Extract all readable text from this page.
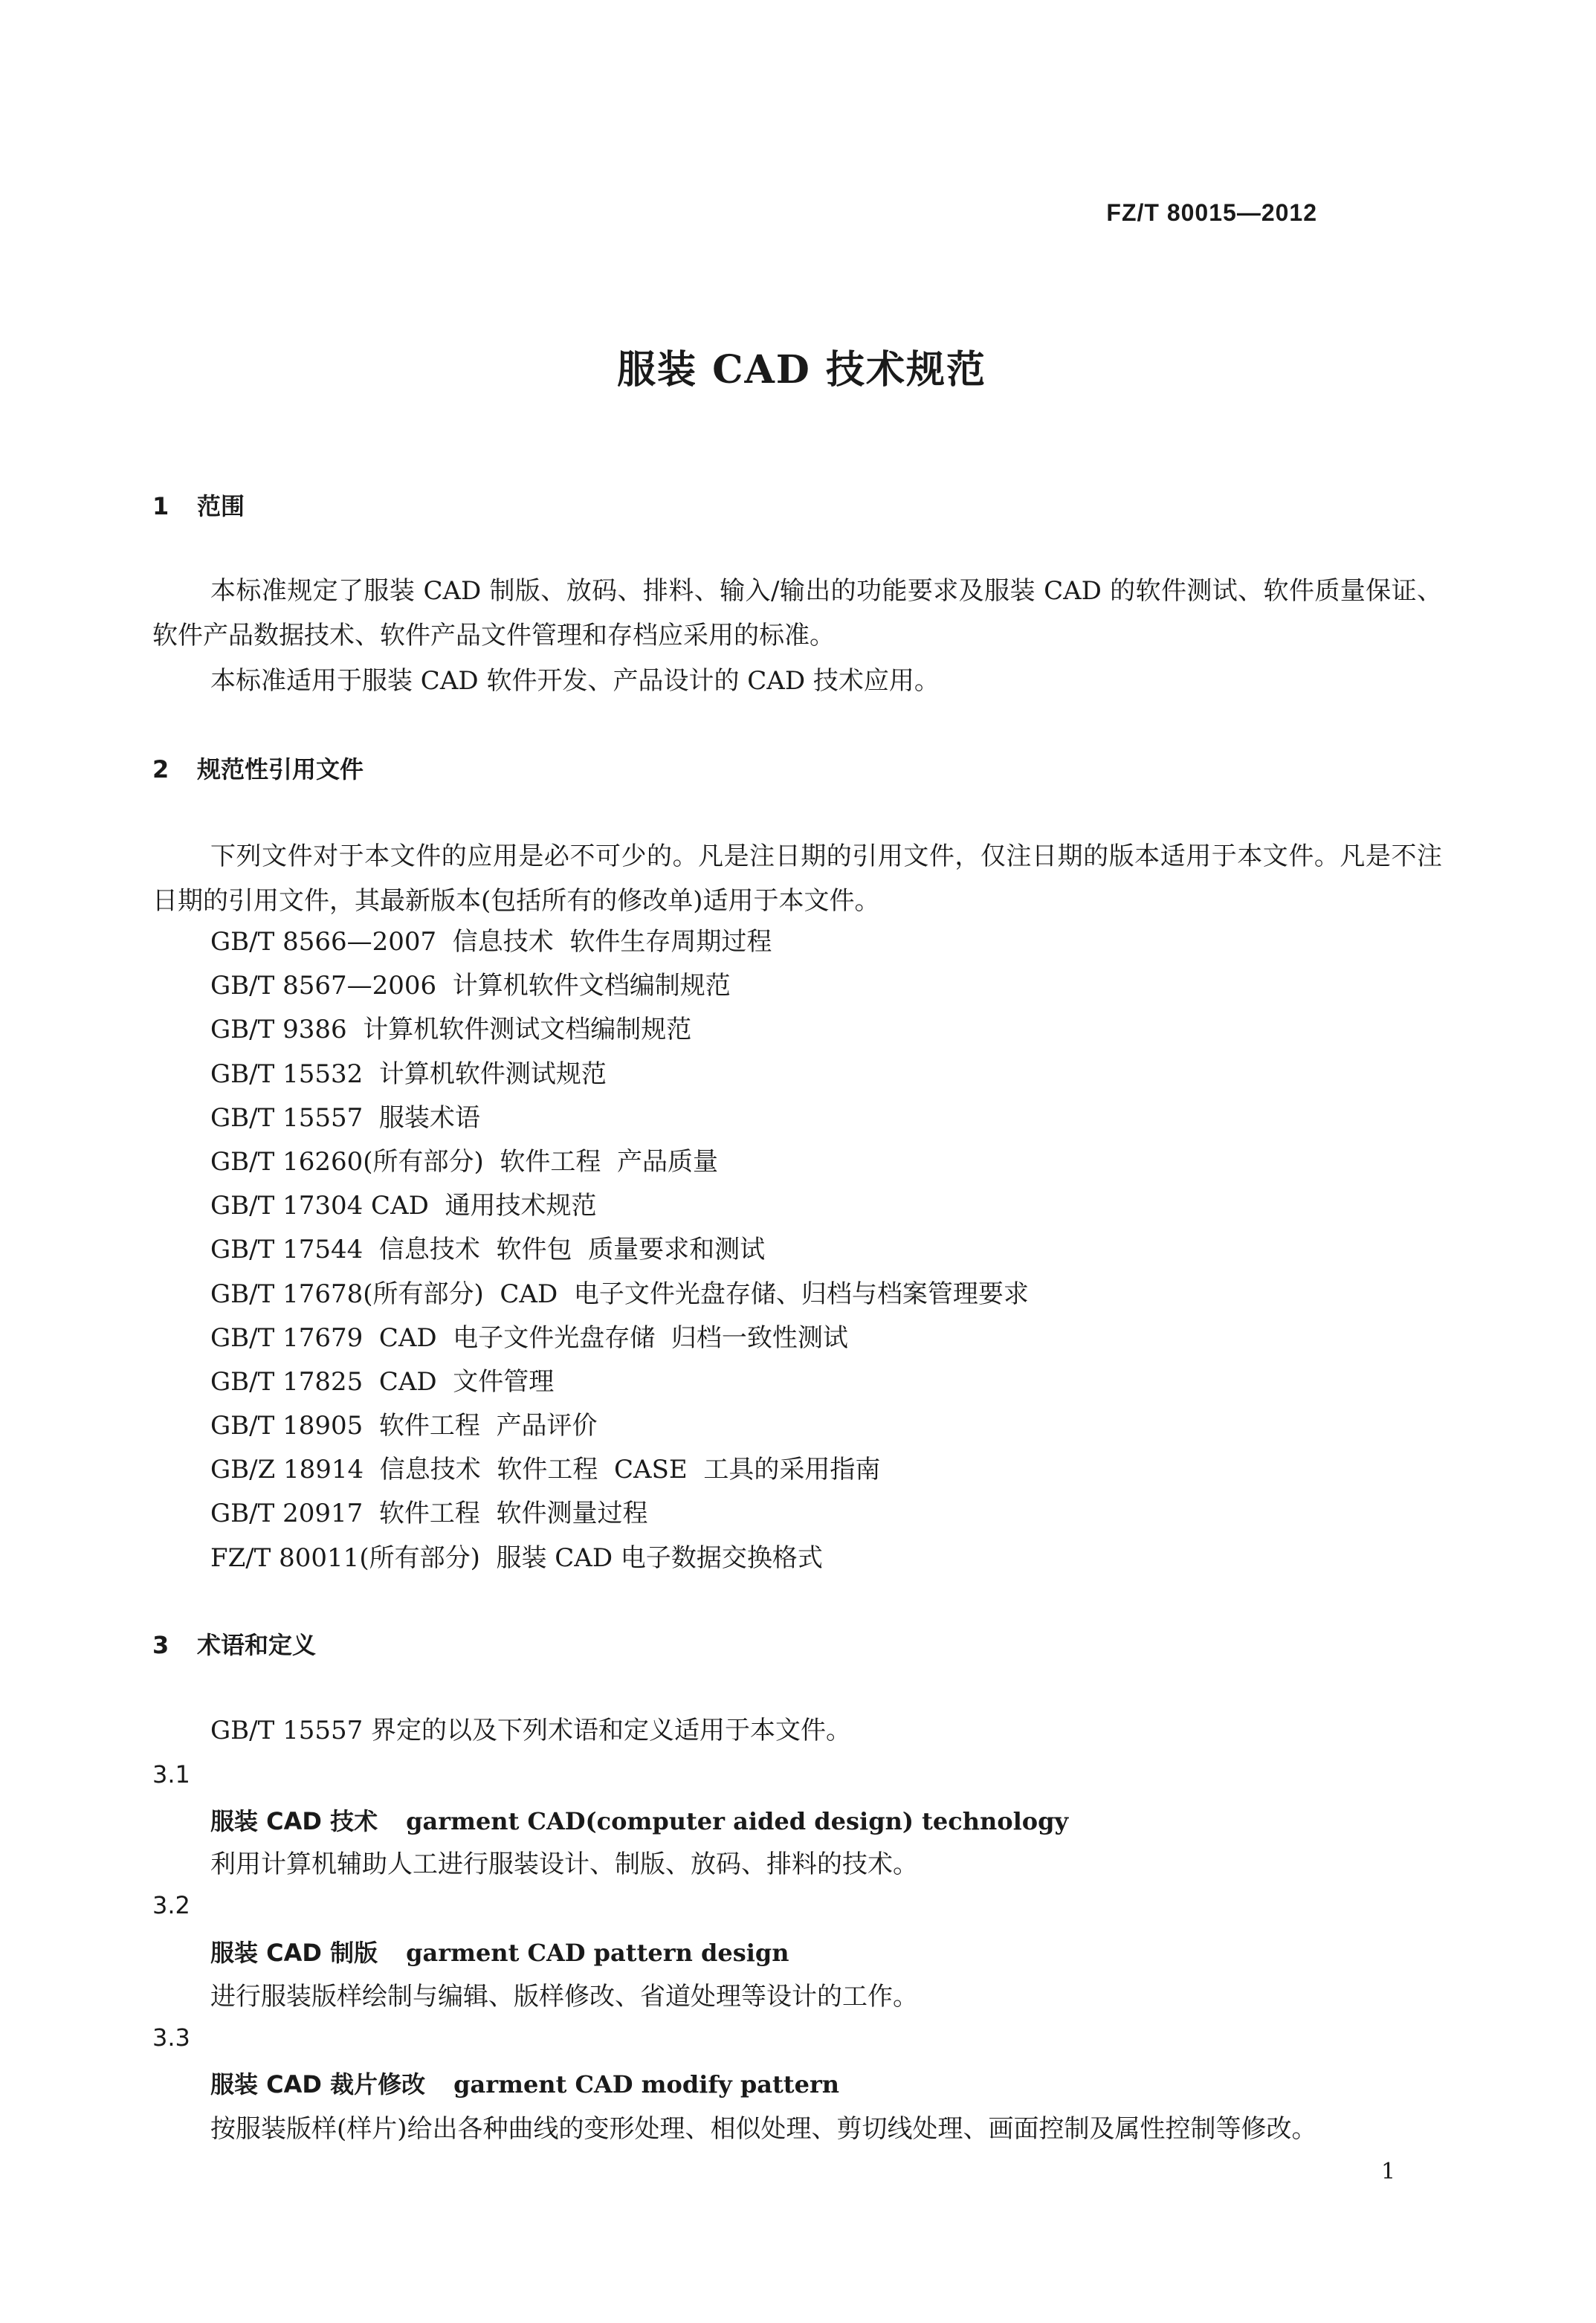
FZ/T 80015—2012
服装 CAD 技术规范
1 范围
本标准规定了服装 CAD 制版、放码、排料、输入/输出的功能要求及服装 CAD 的软件测试、软件质量保证、软件产品数据技术、软件产品文件管理和存档应采用的标准。
本标准适用于服装 CAD 软件开发、产品设计的 CAD 技术应用。
2 规范性引用文件
下列文件对于本文件的应用是必不可少的。凡是注日期的引用文件，仅注日期的版本适用于本文件。凡是不注日期的引用文件，其最新版本(包括所有的修改单)适用于本文件。
GB/T 8566—2007  信息技术  软件生存周期过程
GB/T 8567—2006  计算机软件文档编制规范
GB/T 9386  计算机软件测试文档编制规范
GB/T 15532  计算机软件测试规范
GB/T 15557  服装术语
GB/T 16260(所有部分)  软件工程  产品质量
GB/T 17304 CAD  通用技术规范
GB/T 17544  信息技术  软件包  质量要求和测试
GB/T 17678(所有部分)  CAD  电子文件光盘存储、归档与档案管理要求
GB/T 17679  CAD  电子文件光盘存储  归档一致性测试
GB/T 17825  CAD  文件管理
GB/T 18905  软件工程  产品评价
GB/Z 18914  信息技术  软件工程  CASE  工具的采用指南
GB/T 20917  软件工程  软件测量过程
FZ/T 80011(所有部分)  服装 CAD 电子数据交换格式
3 术语和定义
GB/T 15557 界定的以及下列术语和定义适用于本文件。
3.1
服装 CAD 技术 garment CAD(computer aided design) technology
利用计算机辅助人工进行服装设计、制版、放码、排料的技术。
3.2
服装 CAD 制版 garment CAD pattern design
进行服装版样绘制与编辑、版样修改、省道处理等设计的工作。
3.3
服装 CAD 裁片修改 garment CAD modify pattern
按服装版样(样片)给出各种曲线的变形处理、相似处理、剪切线处理、画面控制及属性控制等修改。
1
